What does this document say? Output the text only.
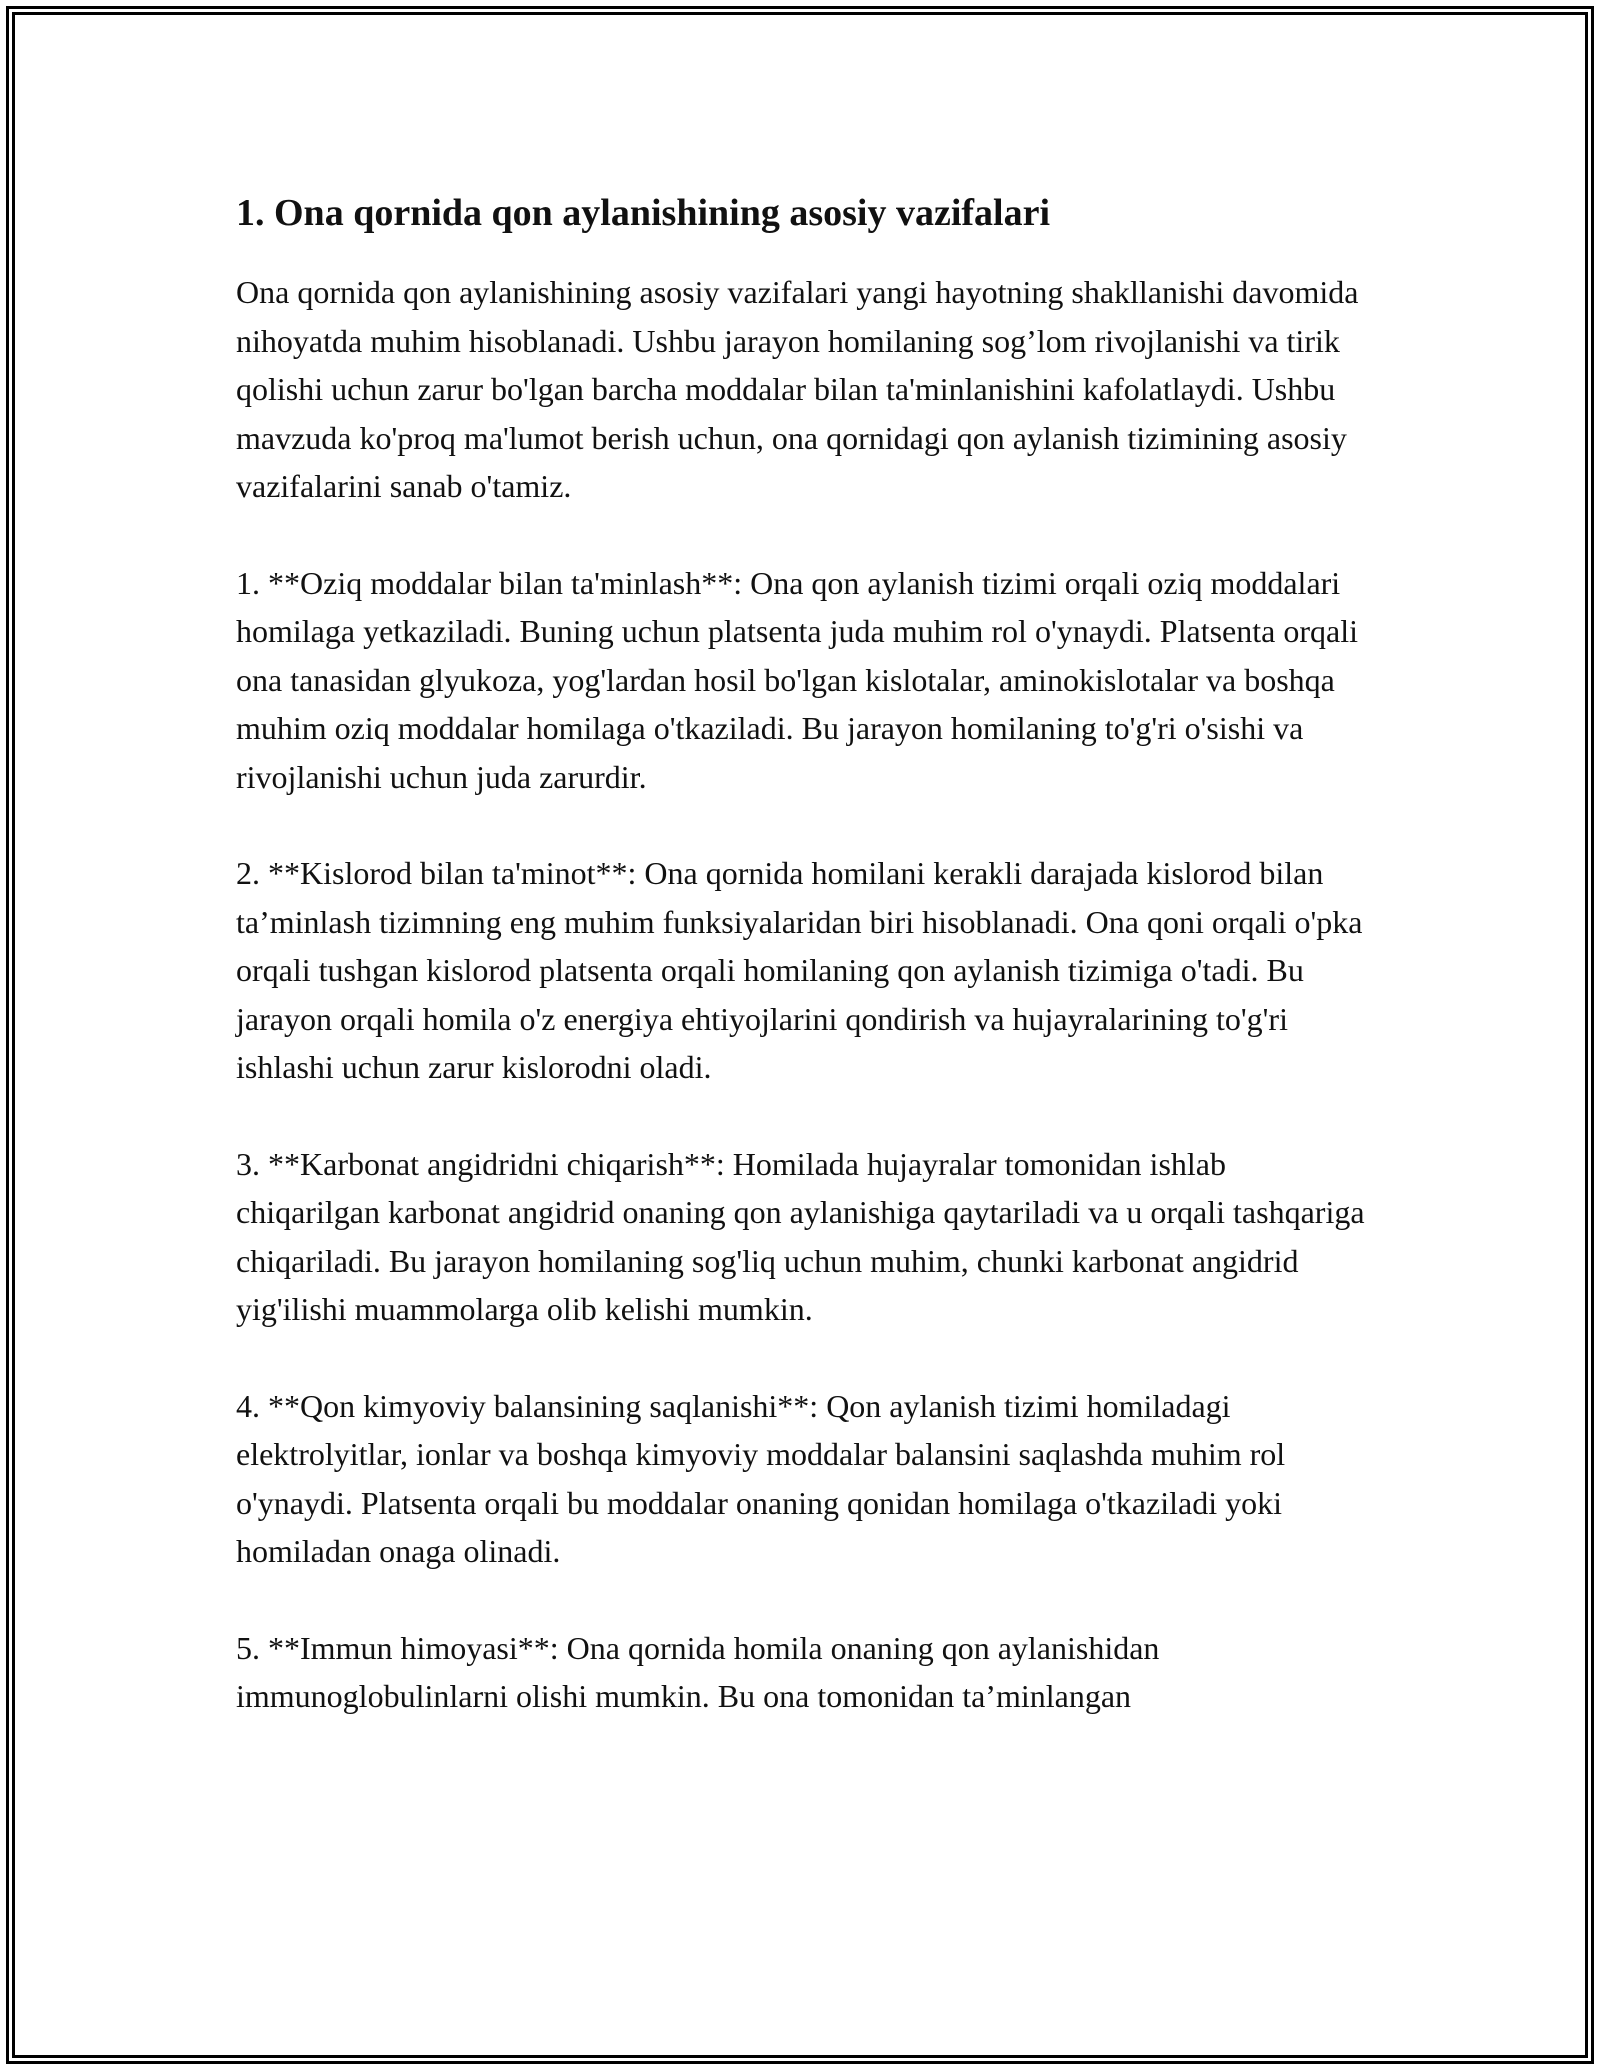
1. Ona qornida qon aylanishining asosiy vazifalari

Ona qornida qon aylanishining asosiy vazifalari yangi hayotning shakllanishi davomida nihoyatda muhim hisoblanadi. Ushbu jarayon homilaning sog’lom rivojlanishi va tirik qolishi uchun zarur bo'lgan barcha moddalar bilan ta'minlanishini kafolatlaydi. Ushbu mavzuda ko'proq ma'lumot berish uchun, ona qornidagi qon aylanish tizimining asosiy vazifalarini sanab o'tamiz.

1. **Oziq moddalar bilan ta'minlash**: Ona qon aylanish tizimi orqali oziq moddalari homilaga yetkaziladi. Buning uchun platsenta juda muhim rol o'ynaydi. Platsenta orqali ona tanasidan glyukoza, yog'lardan hosil bo'lgan kislotalar, aminokislotalar va boshqa muhim oziq moddalar homilaga o'tkaziladi. Bu jarayon homilaning to'g'ri o'sishi va rivojlanishi uchun juda zarurdir.

2. **Kislorod bilan ta'minot**: Ona qornida homilani kerakli darajada kislorod bilan ta’minlash tizimning eng muhim funksiyalaridan biri hisoblanadi. Ona qoni orqali o'pka orqali tushgan kislorod platsenta orqali homilaning qon aylanish tizimiga o'tadi. Bu jarayon orqali homila o'z energiya ehtiyojlarini qondirish va hujayralarining to'g'ri ishlashi uchun zarur kislorodni oladi.

3. **Karbonat angidridni chiqarish**: Homilada hujayralar tomonidan ishlab chiqarilgan karbonat angidrid onaning qon aylanishiga qaytariladi va u orqali tashqariga chiqariladi. Bu jarayon homilaning sog'liq uchun muhim, chunki karbonat angidrid yig'ilishi muammolarga olib kelishi mumkin.

4. **Qon kimyoviy balansining saqlanishi**: Qon aylanish tizimi homiladagi elektrolyitlar, ionlar va boshqa kimyoviy moddalar balansini saqlashda muhim rol o'ynaydi. Platsenta orqali bu moddalar onaning qonidan homilaga o'tkaziladi yoki homiladan onaga olinadi.

5. **Immun himoyasi**: Ona qornida homila onaning qon aylanishidan immunoglobulinlarni olishi mumkin. Bu ona tomonidan ta’minlangan
